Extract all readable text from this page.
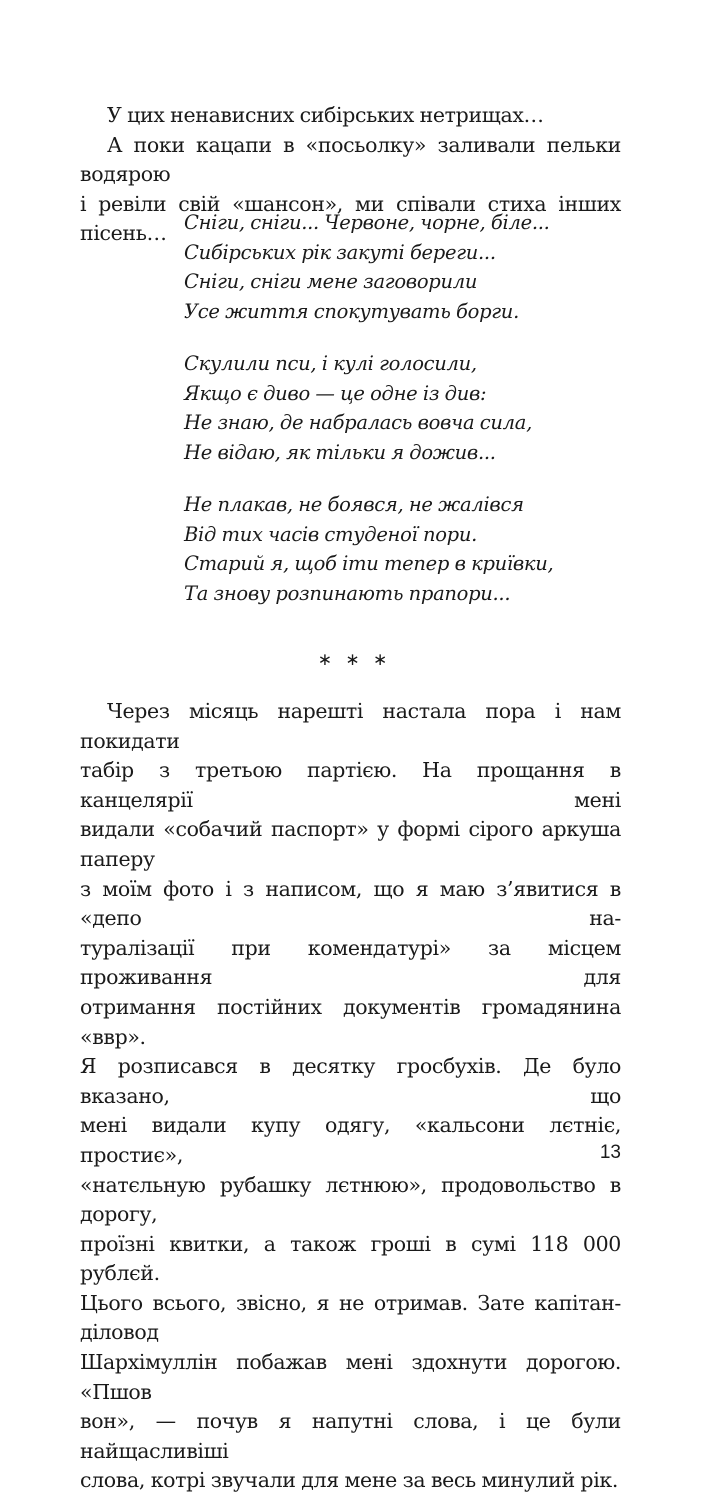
У цих ненависних сибірських нетрищах…
А поки кацапи в «посьолку» заливали пельки водярою
і ревіли свій «шансон», ми співали стиха інших пісень… Сніги, сніги... Червоне, чорне, біле...
Сибірських рік закуті береги...
Сніги, сніги мене заговорили
Усе життя спокутувать борги.
Скулили пси, і кулі голосили,
Якщо є диво — це одне із див:
Не знаю, де набралась вовча сила,
Не відаю, як тільки я дожив...
Не плакав, не боявся, не жалівся
Від тих часів студеної пори.
Старий я, щоб іти тепер в криївки,
Та знову розпинають прапори...
∗ ∗ ∗
Через місяць нарешті настала пора і нам покидати
табір з третьою партією. На прощання в канцелярії мені
видали «собачий паспорт» у формі сірого аркуша паперу
з моїм фото і з написом, що я маю з’явитися в «депо на-
туралізації при комендатурі» за місцем проживання для
отримання постійних документів громадянина «ввр».
Я розписався в десятку гросбухів. Де було вказано, що
мені видали купу одягу, «кальсони лєтніє, простиє»,
«натєльную рубашку лєтнюю», продовольство в дорогу,
проїзні квитки, а також гроші в сумі 118 000 рублєй.
Цього всього, звісно, я не отримав. Зате капітан-діловод
Шархімуллін побажав мені здохнути дорогою. «Пшов
вон», — почув я напутні слова, і це були найщасливіші
слова, котрі звучали для мене за весь минулий рік.
13
